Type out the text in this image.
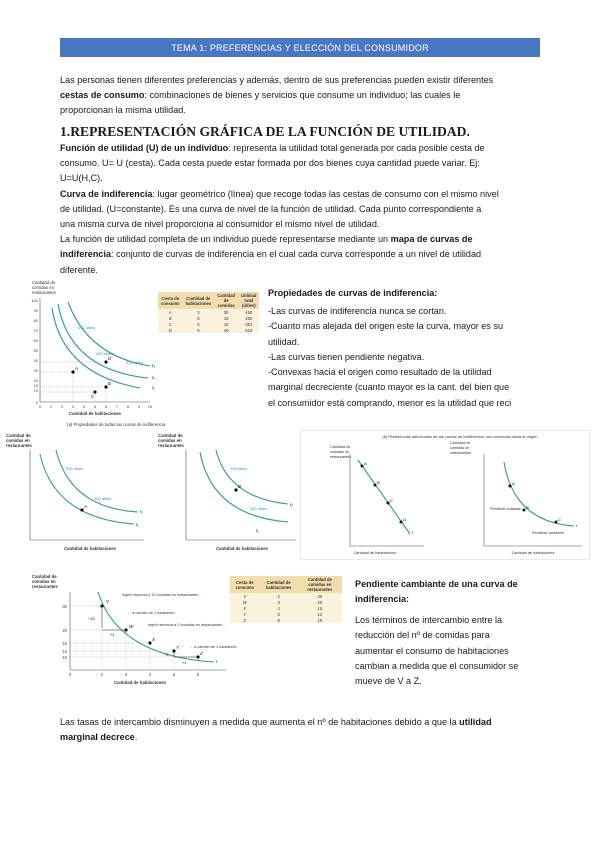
TEMA 1: PREFERENCIAS Y ELECCIÓN DEL CONSUMIDOR

Las personas tienen diferentes preferencias y además, dentro de sus preferencias pueden existir diferentes
cestas de consumo: combinaciones de bienes y servicios que consume un individuo; las cuales le
proporcionan la misma utilidad.

1.REPRESENTACIÓN GRÁFICA DE LA FUNCIÓN DE UTILIDAD.

Función de utilidad (U) de un individuo: representa la utilidad total generada por cada posible cesta de
consumo. U= U (cesta). Cada cesta puede estar formada por dos bienes cuya cantidad puede variar. Ej:
U=U(H,C).
Curva de indiferencia: lugar geométrico (línea) que recoge todas las cestas de consumo con el mismo nivel
de utilidad. (U=constante). Es una curva de nivel de la función de utilidad. Cada punto correspondiente a
una misma curva de nivel proporciona al consumidor el mismo nivel de utilidad.
La función de utilidad completa de un individuo puede representarse mediante un mapa de curvas de
indiferencia: conjunto de curvas de indiferencia en el cual cada curva corresponde a un nivel de utilidad
diferente.

Cantidad de
comidas en
restaurantes
100
90
80
70
60
50
40
30
20
15
10
0
0 1 2 3 4 5 6 7 8 9 10
Cantidad de habitaciones
I₁
I₂
I₃
391 útiles
450 útiles
519 útiles
A
B
C
D
(a) Propiedades de todas las curvas de indiferencia
Cesta de consumo	Cantidad de habitaciones	Cantidad de comidas	Utilidad total (útiles)
A	3	30	450
B	6	15	450
C	5	10	391
D	6	40	519
Propiedades de curvas de indiferencia:
-Las curvas de indiferencia nunca se cortan.
-Cuanto mas alejada del origen este la curva, mayor es su
utilidad.
-Las curvas tienen pendiente negativa.
-Convexas hacia el origen como resultado de la utilidad
marginal decreciente (cuanto mayor es la cant. del bien que
el consumidor está comprando, menor es la utilidad que reci
Cantidad de
comidas en
restaurantes
A
200 útiles
100 útiles
I₂
I₁
Cantidad de habitaciones
Cantidad de
comidas en
restaurantes
B
200 útiles
100 útiles
I₂
I₁
Cantidad de habitaciones
(b) Preferencias adicionales de las curvas de indiferencia: son convexas hacia el origen
Cantidad de
comidas en
restaurantes
A
B
C
D
I
Cantidad de habitaciones
Cantidad de
comidas en
restaurantes
A
B
C
I
Pendiente constante
Pendiente cambiante
Cantidad de habitaciones
Cantidad de
comidas en
restaurantes
30
20
15
12
10
0	2	3	4	5	6
V
W
X
Y
Z
I
−10
+1
−2
+1
Ingrid renuncia a 10 comidas en restaurantes...
... a cambio de 1 habitación.
Ingrid renuncia a 2 comidas en restaurantes...
... a cambio de 1 habitación.
Cantidad de habitaciones
Cesta de consumo	Cantidad de habitaciones	Cantidad de comidas en restaurantes
V	2	30
W	3	20
X	4	15
Y	5	12
Z	6	10
Pendiente cambiante de una curva de
indiferencia:
Los términos de intercambio entre la
reducción del nº de comidas para
aumentar el consumo de habitaciones
cambian a medida que el consumidor se
mueve de V a Z.

Las tasas de intercambio disminuyen a medida que aumenta el nº de habitaciones debido a que la utilidad
marginal decrece.
